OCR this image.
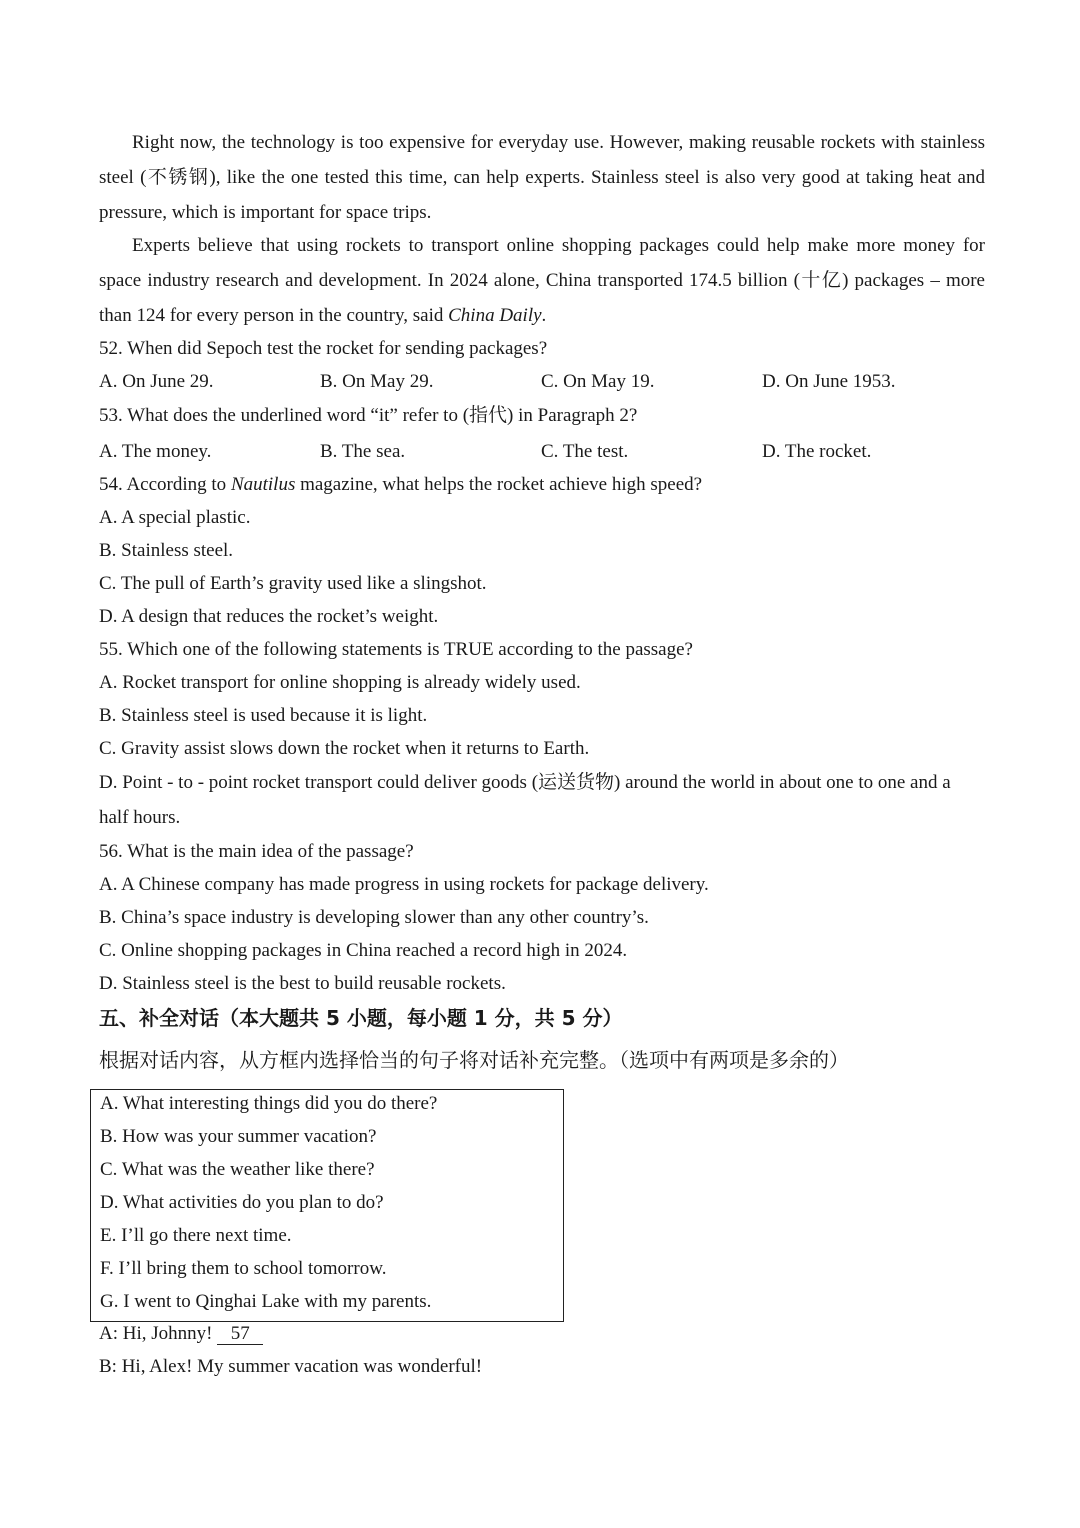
Right now, the technology is too expensive for everyday use. However, making reusable rockets with stainless steel (不锈钢), like the one tested this time, can help experts. Stainless steel is also very good at taking heat and pressure, which is important for space trips.

Experts believe that using rockets to transport online shopping packages could help make more money for space industry research and development. In 2024 alone, China transported 174.5 billion (十亿) packages – more than 124 for every person in the country, said China Daily.

52. When did Sepoch test the rocket for sending packages?

A. On June 29.	B. On May 29.	C. On May 19.	D. On June 1953.

53. What does the underlined word “it” refer to (指代) in Paragraph 2?

A. The money.	B. The sea.	C. The test.	D. The rocket.

54. According to Nautilus magazine, what helps the rocket achieve high speed?

A. A special plastic.

B. Stainless steel.

C. The pull of Earth’s gravity used like a slingshot.

D. A design that reduces the rocket’s weight.

55. Which one of the following statements is TRUE according to the passage?

A. Rocket transport for online shopping is already widely used.

B. Stainless steel is used because it is light.

C. Gravity assist slows down the rocket when it returns to Earth.

D. Point - to - point rocket transport could deliver goods (运送货物) around the world in about one to one and a half hours.

56. What is the main idea of the passage?

A. A Chinese company has made progress in using rockets for package delivery.

B. China’s space industry is developing slower than any other country’s.

C. Online shopping packages in China reached a record high in 2024.

D. Stainless steel is the best to build reusable rockets.

五、补全对话（本大题共 5 小题，每小题 1 分，共 5 分）
根据对话内容，从方框内选择恰当的句子将对话补充完整。（选项中有两项是多余的）
A. What interesting things did you do there?
B. How was your summer vacation?
C. What was the weather like there?
D. What activities do you plan to do?
E. I’ll go there next time.
F. I’ll bring them to school tomorrow.
G. I went to Qinghai Lake with my parents.

A: Hi, Johnny! 57

B: Hi, Alex! My summer vacation was wonderful!
